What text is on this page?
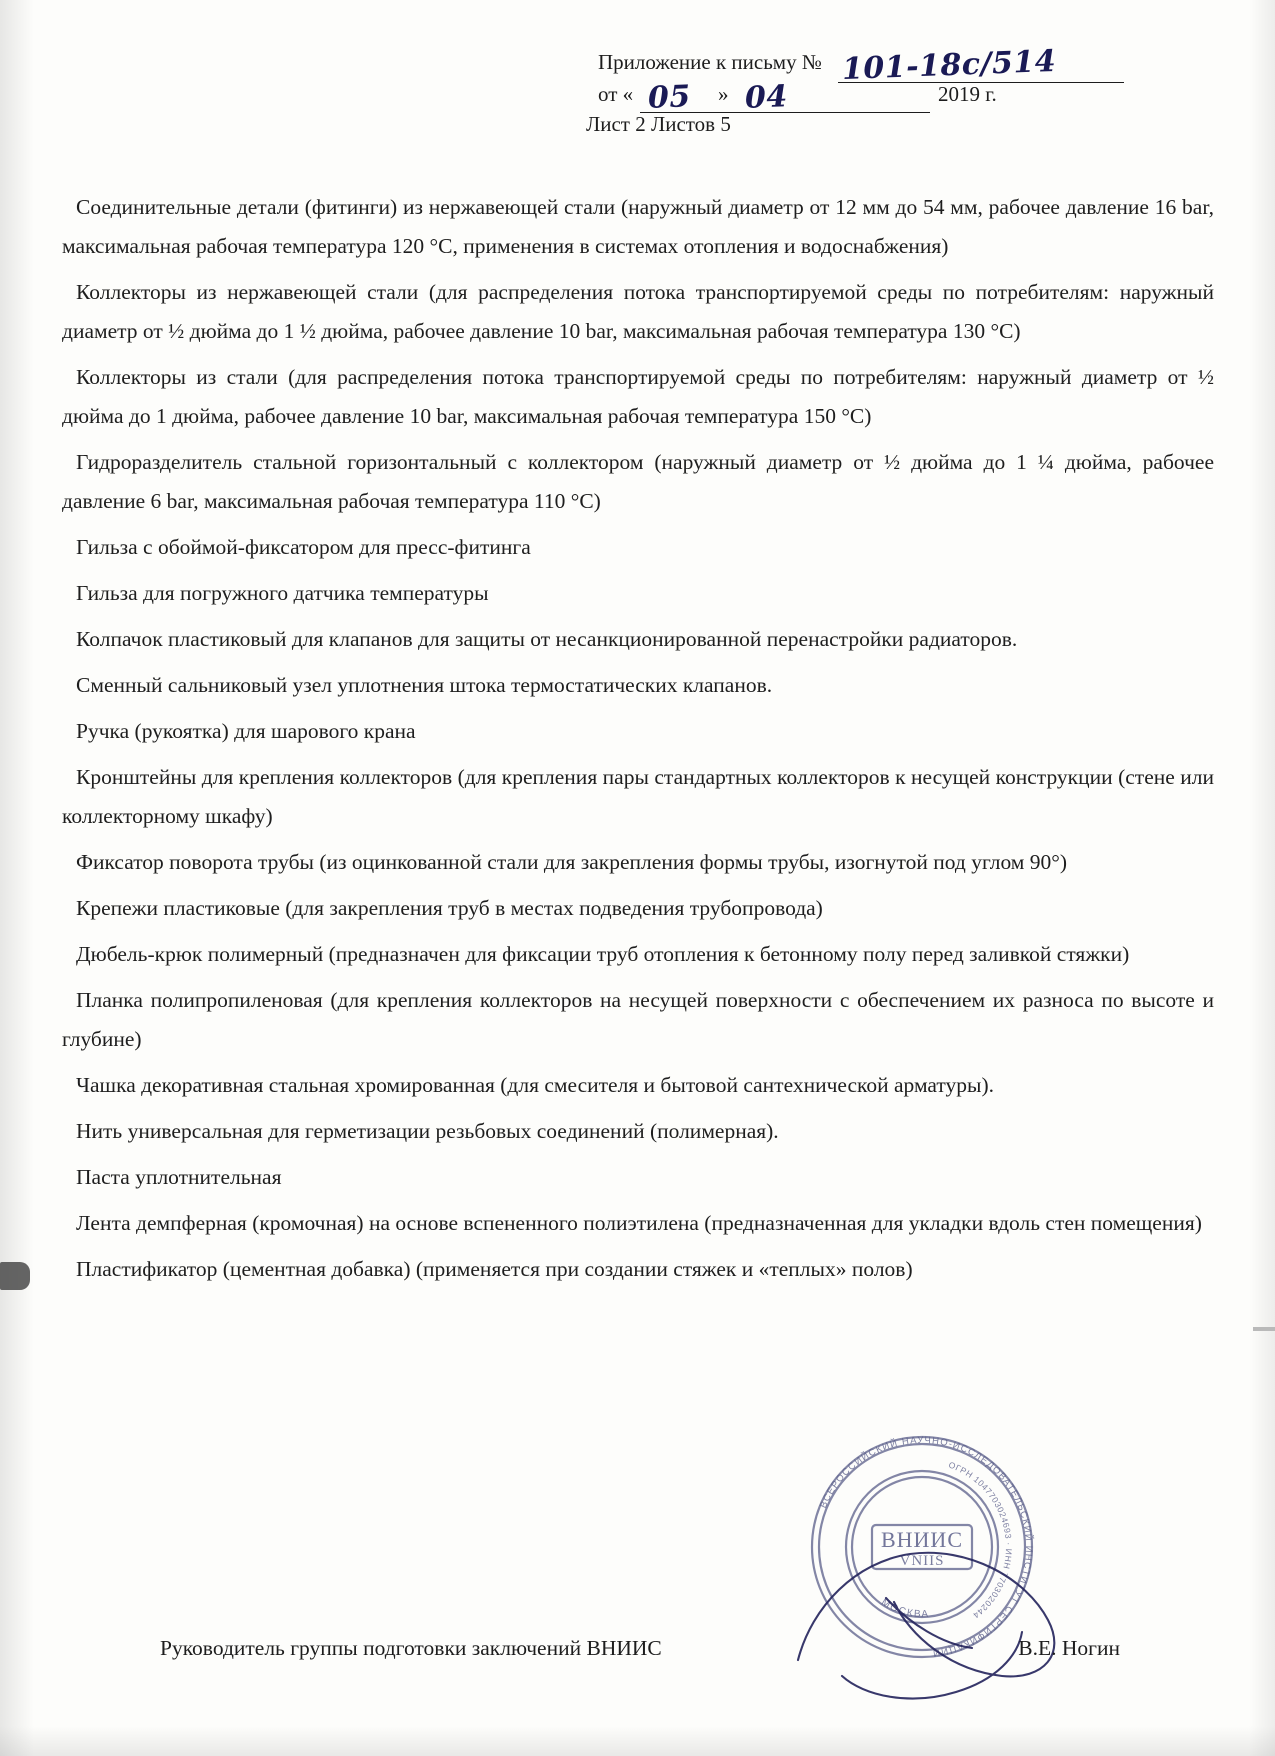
Приложение к письму № 101-18с/514
от « 05 » 04	2019 г.
Лист 2 Листов 5

Соединительные детали (фитинги) из нержавеющей стали (наружный диаметр от 12 мм до 54 мм, рабочее давление 16 bar, максимальная рабочая температура 120 °С, применения в системах отопления и водоснабжения)

Коллекторы из нержавеющей стали (для распределения потока транспортируемой среды по потребителям: наружный диаметр от ½ дюйма до 1 ½ дюйма, рабочее давление 10 bar, максимальная рабочая температура 130 °С)

Коллекторы из стали (для распределения потока транспортируемой среды по потребителям: наружный диаметр от ½ дюйма до 1 дюйма, рабочее давление 10 bar, максимальная рабочая температура 150 °С)

Гидроразделитель стальной горизонтальный с коллектором (наружный диаметр от ½ дюйма до 1 ¼ дюйма, рабочее давление 6 bar, максимальная рабочая температура 110 °С)

Гильза с обоймой-фиксатором для пресс-фитинга

Гильза для погружного датчика температуры

Колпачок пластиковый для клапанов для защиты от несанкционированной перенастройки радиаторов.

Сменный сальниковый узел уплотнения штока термостатических клапанов.

Ручка (рукоятка) для шарового крана

Кронштейны для крепления коллекторов (для крепления пары стандартных коллекторов к несущей конструкции (стене или коллекторному шкафу)

Фиксатор поворота трубы (из оцинкованной стали для закрепления формы трубы, изогнутой под углом 90°)

Крепежи пластиковые (для закрепления труб в местах подведения трубопровода)

Дюбель-крюк полимерный (предназначен для фиксации труб отопления к бетонному полу перед заливкой стяжки)

Планка полипропиленовая (для крепления коллекторов на несущей поверхности с обеспечением их разноса по высоте и глубине)

Чашка декоративная стальная хромированная (для смесителя и бытовой сантехнической арматуры).

Нить универсальная для герметизации резьбовых соединений (полимерная).

Паста уплотнительная

Лента демпферная (кромочная) на основе вспененного полиэтилена (предназначенная для укладки вдоль стен помещения)

Пластификатор (цементная добавка) (применяется при создании стяжек и «теплых» полов)

ВСЕРОССИЙСКИЙ НАУЧНО-ИССЛЕДОВАТЕЛЬСКИЙ ИНСТИТУТ СЕРТИФИКАЦИИ
ОГРН 1047703024693 · ИНН 7703020244
МОСКВА
ВНИИС
VNIIS
Руководитель группы подготовки заключений ВНИИС	В.Е. Ногин
